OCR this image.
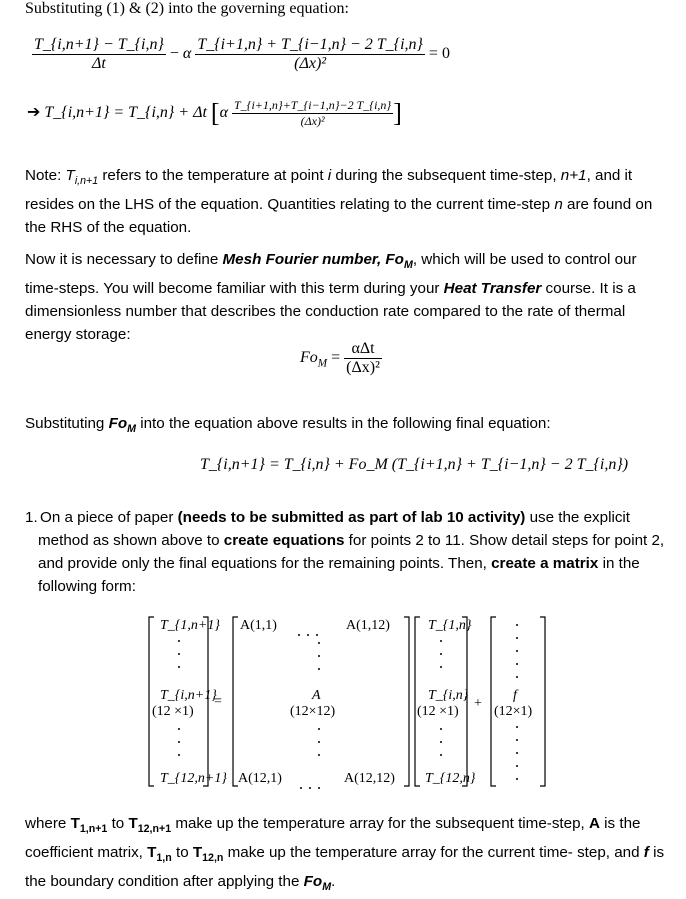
Substituting (1) & (2) into the governing equation:
$\frac{T\_\{i,n+1\} - T\_\{i,n\}}{\Delta t} - \alpha \frac{T\_\{i+1,n\} + T\_\{i-1,n\} - 2 T\_\{i,n\}}{\text{(Δx)²}} = 0$
➔ T_{i,n+1} = T_{i,n} + Δt [$\alpha \frac{T\_\{i+1,n\}+T\_\{i-1,n\}-2 T\_\{i,n\}}{\text{(Δx)²}}$ ]
Note: $T_{i,n+1}$ refers to the temperature at point i during the subsequent time-step, n+1, and it resides on the LHS of the equation. Quantities relating to the current time-step n are found on the RHS of the equation.
Now it is necessary to define Mesh Fourier number, $Fo_M$, which will be used to control our time-steps. You will become familiar with this term during your Heat Transfer course. It is a dimensionless number that describes the conduction rate compared to the rate of thermal energy storage:
$Fo_M = \frac{\text{αΔt}}{\text{(Δx)²}}$
Substituting $Fo_M$ into the equation above results in the following final equation:
T_{i,n+1} = T_{i,n} + Fo_M (T_{i+1,n} + T_{i−1,n} − 2 T_{i,n})
1. On a piece of paper (needs to be submitted as part of lab 10 activity) use the explicit method as shown above to create equations for points 2 to 11. Show detail steps for point 2, and provide only the final equations for the remaining points. Then, create a matrix in the following form:
T_{1,n+1}
T_{i,n+1}
(12 ×1)
T_{12,n+1}
=
A(1,1)	A(1,12)
A
(12×12)
A(12,1)	A(12,12)
T_{1,n}
T_{i,n}
(12 ×1)
T_{12,n}
+
f
(12×1)
where $T_{1,n+1}$ to $T_{12,n+1}$ make up the temperature array for the subsequent time-step, A is the coefficient matrix, $T_{1,n}$ to $T_{12,n}$ make up the temperature array for the current time- step, and f is the boundary condition after applying the $Fo_M$.
